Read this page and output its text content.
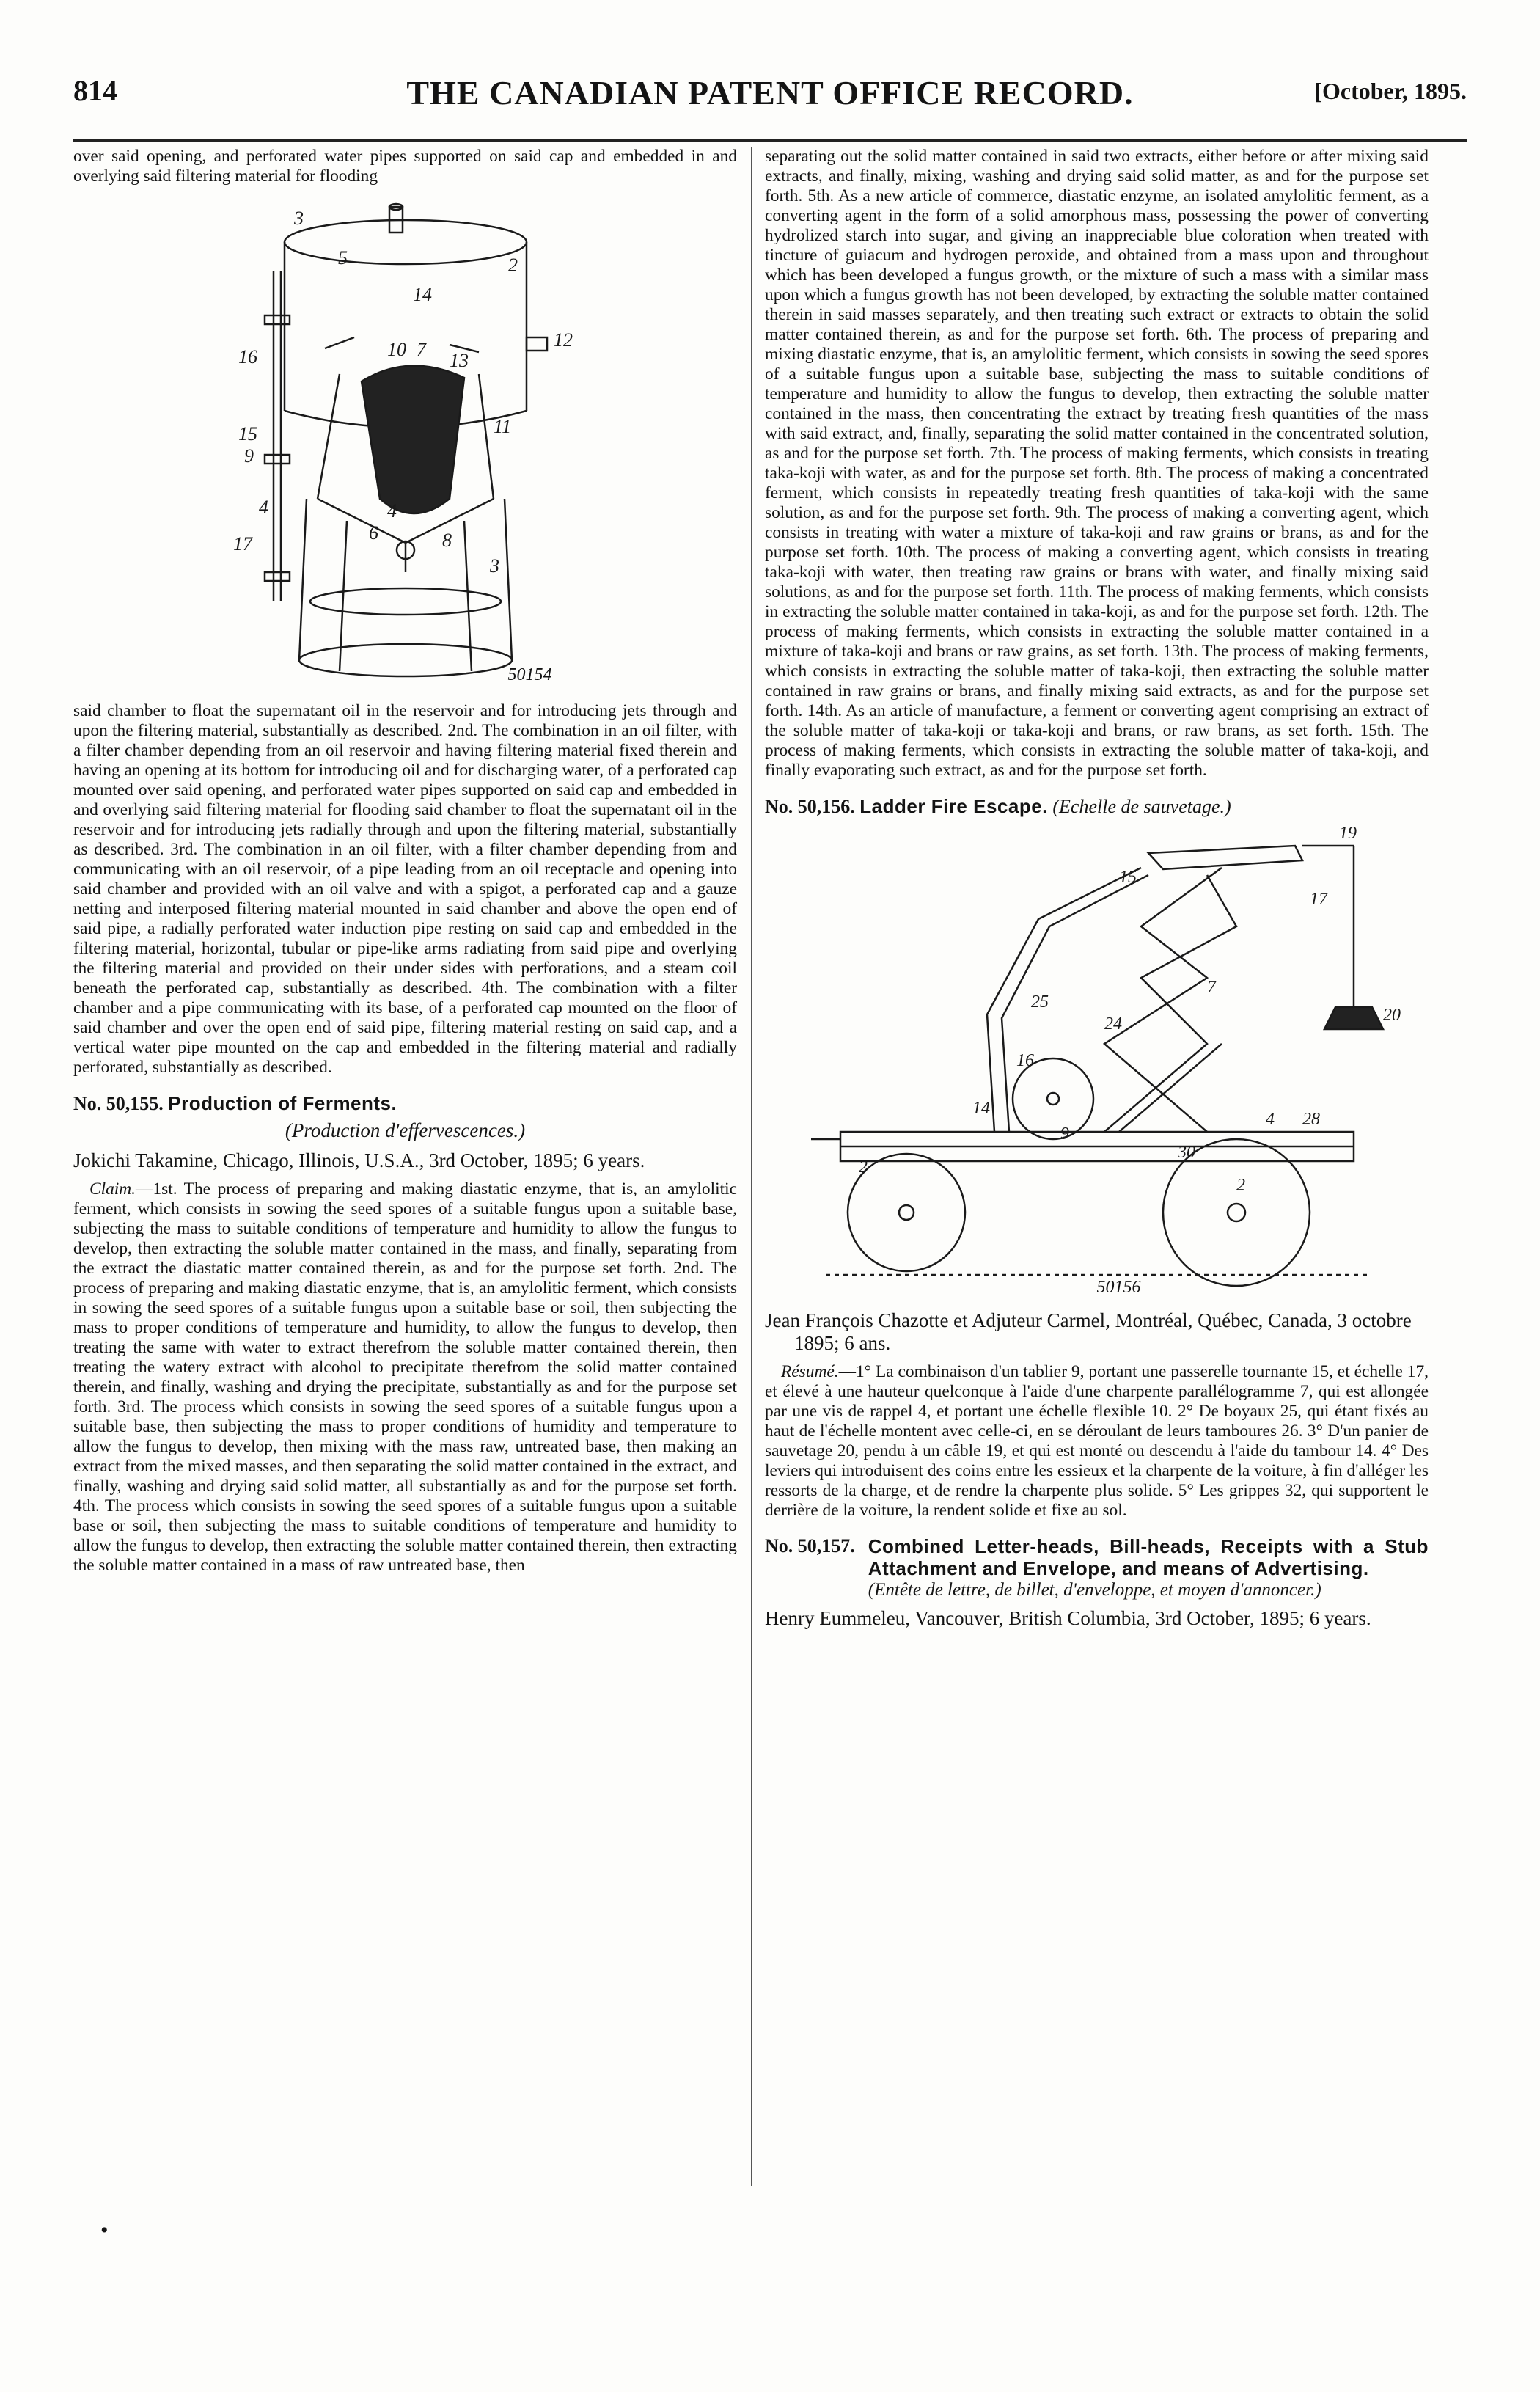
814	THE CANADIAN PATENT OFFICE RECORD.	[October, 1895.

over said opening, and perforated water pipes supported on said cap and embedded in and overlying said filtering material for flooding

3
5
16
14
10 7
13
12
2
15
9
4
6	8
17
3
11
4
50154

said chamber to float the supernatant oil in the reservoir and for introducing jets through and upon the filtering material, substantially as described. 2nd. The combination in an oil filter, with a filter chamber depending from an oil reservoir and having filtering material fixed therein and having an opening at its bottom for introducing oil and for discharging water, of a perforated cap mounted over said opening, and perforated water pipes supported on said cap and embedded in and overlying said filtering material for flooding said chamber to float the supernatant oil in the reservoir and for introducing jets radially through and upon the filtering material, substantially as described. 3rd. The combination in an oil filter, with a filter chamber depending from and communicating with an oil reservoir, of a pipe leading from an oil receptacle and opening into said chamber and provided with an oil valve and with a spigot, a perforated cap and a gauze netting and interposed filtering material mounted in said chamber and above the open end of said pipe, a radially perforated water induction pipe resting on said cap and embedded in the filtering material, horizontal, tubular or pipe-like arms radiating from said pipe and overlying the filtering material and provided on their under sides with perforations, and a steam coil beneath the perforated cap, substantially as described. 4th. The combination with a filter chamber and a pipe communicating with its base, of a perforated cap mounted on the floor of said chamber and over the open end of said pipe, filtering material resting on said cap, and a vertical water pipe mounted on the cap and embedded in the filtering material and radially perforated, substantially as described.

No. 50,155. Production of Ferments.
(Production d'effervescences.)

Jokichi Takamine, Chicago, Illinois, U.S.A., 3rd October, 1895; 6 years.

Claim.—1st. The process of preparing and making diastatic enzyme, that is, an amylolitic ferment, which consists in sowing the seed spores of a suitable fungus upon a suitable base, subjecting the mass to suitable conditions of temperature and humidity to allow the fungus to develop, then extracting the soluble matter contained in the mass, and finally, separating from the extract the diastatic matter contained therein, as and for the purpose set forth. 2nd. The process of preparing and making diastatic enzyme, that is, an amylolitic ferment, which consists in sowing the seed spores of a suitable fungus upon a suitable base or soil, then subjecting the mass to proper conditions of temperature and humidity, to allow the fungus to develop, then treating the same with water to extract therefrom the soluble matter contained therein, then treating the watery extract with alcohol to precipitate therefrom the solid matter contained therein, and finally, washing and drying the precipitate, substantially as and for the purpose set forth. 3rd. The process which consists in sowing the seed spores of a suitable fungus upon a suitable base, then subjecting the mass to proper conditions of humidity and temperature to allow the fungus to develop, then mixing with the mass raw, untreated base, then making an extract from the mixed masses, and then separating the solid matter contained in the extract, and finally, washing and drying said solid matter, all substantially as and for the purpose set forth. 4th. The process which consists in sowing the seed spores of a suitable fungus upon a suitable base or soil, then subjecting the mass to suitable conditions of temperature and humidity to allow the fungus to develop, then extracting the soluble matter contained therein, then extracting the soluble matter contained in a mass of raw untreated base, then

separating out the solid matter contained in said two extracts, either before or after mixing said extracts, and finally, mixing, washing and drying said solid matter, as and for the purpose set forth. 5th. As a new article of commerce, diastatic enzyme, an isolated amylolitic ferment, as a converting agent in the form of a solid amorphous mass, possessing the power of converting hydrolized starch into sugar, and giving an inappreciable blue coloration when treated with tincture of guiacum and hydrogen peroxide, and obtained from a mass upon and throughout which has been developed a fungus growth, or the mixture of such a mass with a similar mass upon which a fungus growth has not been developed, by extracting the soluble matter contained therein in said masses separately, and then treating such extract or extracts to obtain the solid matter contained therein, as and for the purpose set forth. 6th. The process of preparing and mixing diastatic enzyme, that is, an amylolitic ferment, which consists in sowing the seed spores of a suitable fungus upon a suitable base, subjecting the mass to suitable conditions of temperature and humidity to allow the fungus to develop, then extracting the soluble matter contained in the mass, then concentrating the extract by treating fresh quantities of the mass with said extract, and, finally, separating the solid matter contained in the concentrated solution, as and for the purpose set forth. 7th. The process of making ferments, which consists in treating taka-koji with water, as and for the purpose set forth. 8th. The process of making a concentrated ferment, which consists in repeatedly treating fresh quantities of taka-koji with the same solution, as and for the purpose set forth. 9th. The process of making a converting agent, which consists in treating with water a mixture of taka-koji and raw grains or brans, as and for the purpose set forth. 10th. The process of making a converting agent, which consists in treating taka-koji with water, then treating raw grains or brans with water, and finally mixing said solutions, as and for the purpose set forth. 11th. The process of making ferments, which consists in extracting the soluble matter contained in taka-koji, as and for the purpose set forth. 12th. The process of making ferments, which consists in extracting the soluble matter contained in a mixture of taka-koji and brans or raw grains, as set forth. 13th. The process of making ferments, which consists in extracting the soluble matter of taka-koji, then extracting the soluble matter contained in raw grains or brans, and finally mixing said extracts, as and for the purpose set forth. 14th. As an article of manufacture, a ferment or converting agent comprising an extract of the soluble matter of taka-koji or taka-koji and brans, or raw brans, as set forth. 15th. The process of making ferments, which consists in extracting the soluble matter of taka-koji, and finally evaporating such extract, as and for the purpose set forth.

No. 50,156. Ladder Fire Escape. (Echelle de sauvetage.)
19
20
17
16
9
28
25
24
4
30
2
2
15
14
7
50156

Jean François Chazotte et Adjuteur Carmel, Montréal, Québec, Canada, 3 octobre 1895; 6 ans.

Résumé.—1° La combinaison d'un tablier 9, portant une passerelle tournante 15, et échelle 17, et élevé à une hauteur quelconque à l'aide d'une charpente parallélogramme 7, qui est allongée par une vis de rappel 4, et portant une échelle flexible 10. 2° De boyaux 25, qui étant fixés au haut de l'échelle montent avec celle-ci, en se déroulant de leurs tamboures 26. 3° D'un panier de sauvetage 20, pendu à un câble 19, et qui est monté ou descendu à l'aide du tambour 14. 4° Des leviers qui introduisent des coins entre les essieux et la charpente de la voiture, à fin d'alléger les ressorts de la charge, et de rendre la charpente plus solide. 5° Les grippes 32, qui supportent le derrière de la voiture, la rendent solide et fixe au sol.

No. 50,157. Combined Letter-heads, Bill-heads, Receipts with a Stub Attachment and Envelope, and means of Advertising.
(Entête de lettre, de billet, d'enveloppe, et moyen d'annoncer.)

Henry Eummeleu, Vancouver, British Columbia, 3rd October, 1895; 6 years.

•
